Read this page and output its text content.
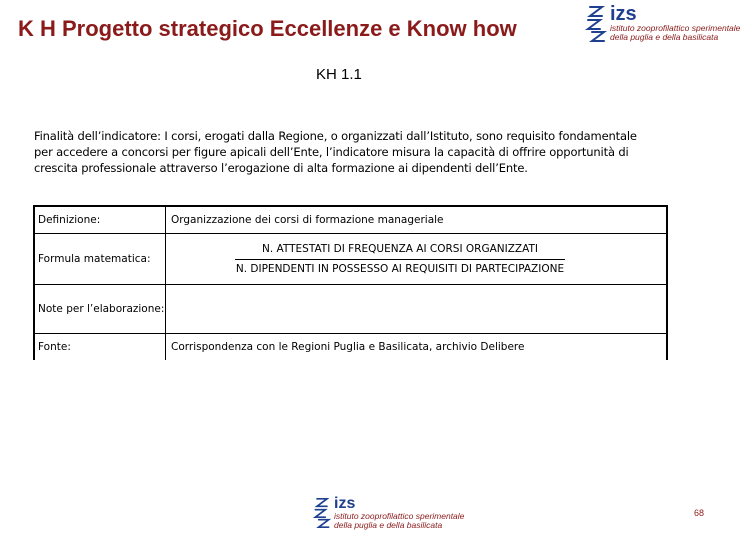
K H Progetto strategico Eccellenze e Know how
izs
istituto zooprofilattico sperimentale
della puglia e della basilicata
KH 1.1
Finalità dell’indicatore: I corsi, erogati dalla Regione, o organizzati dall’Istituto, sono requisito fondamentale per accedere a concorsi per figure apicali dell’Ente, l’indicatore misura la capacità di offrire opportunità di crescita professionale attraverso l’erogazione di alta formazione ai dipendenti dell’Ente.
Definizione:	Organizzazione dei corsi di formazione manageriale
Formula matematica:	N. ATTESTATI DI FREQUENZA AI CORSI ORGANIZZATI
N. DIPENDENTI IN POSSESSO AI REQUISITI DI PARTECIPAZIONE

Note per l’elaborazione:	
Fonte:	Corrispondenza con le Regioni Puglia e Basilicata, archivio Delibere
izs
istituto zooprofilattico sperimentale
della puglia e della basilicata
68
